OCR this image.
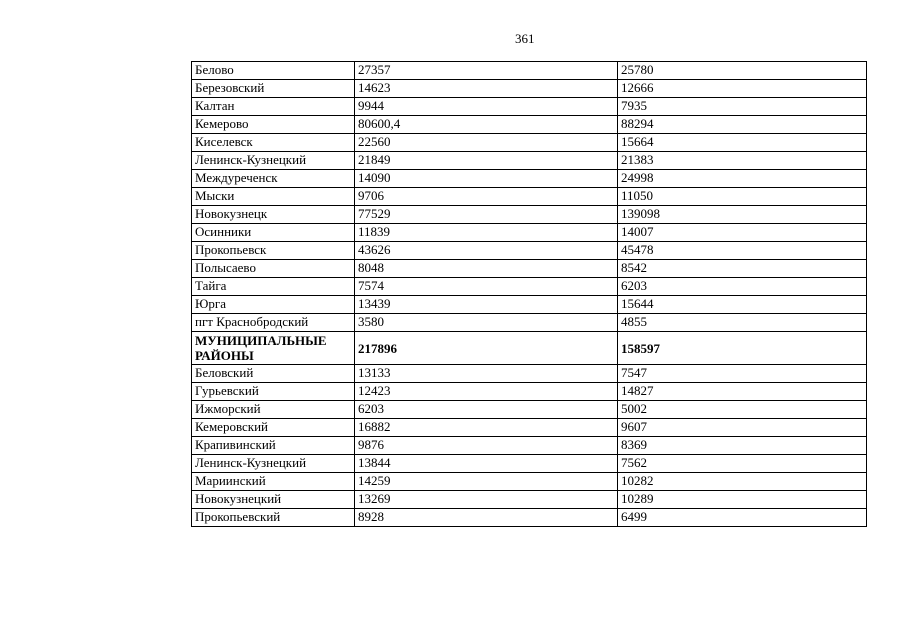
361
Белово	27357	25780
Березовский	14623	12666
Калтан	9944	7935
Кемерово	80600,4	88294
Киселевск	22560	15664
Ленинск-Кузнецкий	21849	21383
Междуреченск	14090	24998
Мыски	9706	11050
Новокузнецк	77529	139098
Осинники	11839	14007
Прокопьевск	43626	45478
Полысаево	8048	8542
Тайга	7574	6203
Юрга	13439	15644
пгт Краснобродский	3580	4855
МУНИЦИПАЛЬНЫЕ РАЙОНЫ	217896	158597
Беловский	13133	7547
Гурьевский	12423	14827
Ижморский	6203	5002
Кемеровский	16882	9607
Крапивинский	9876	8369
Ленинск-Кузнецкий	13844	7562
Мариинский	14259	10282
Новокузнецкий	13269	10289
Прокопьевский	8928	6499
